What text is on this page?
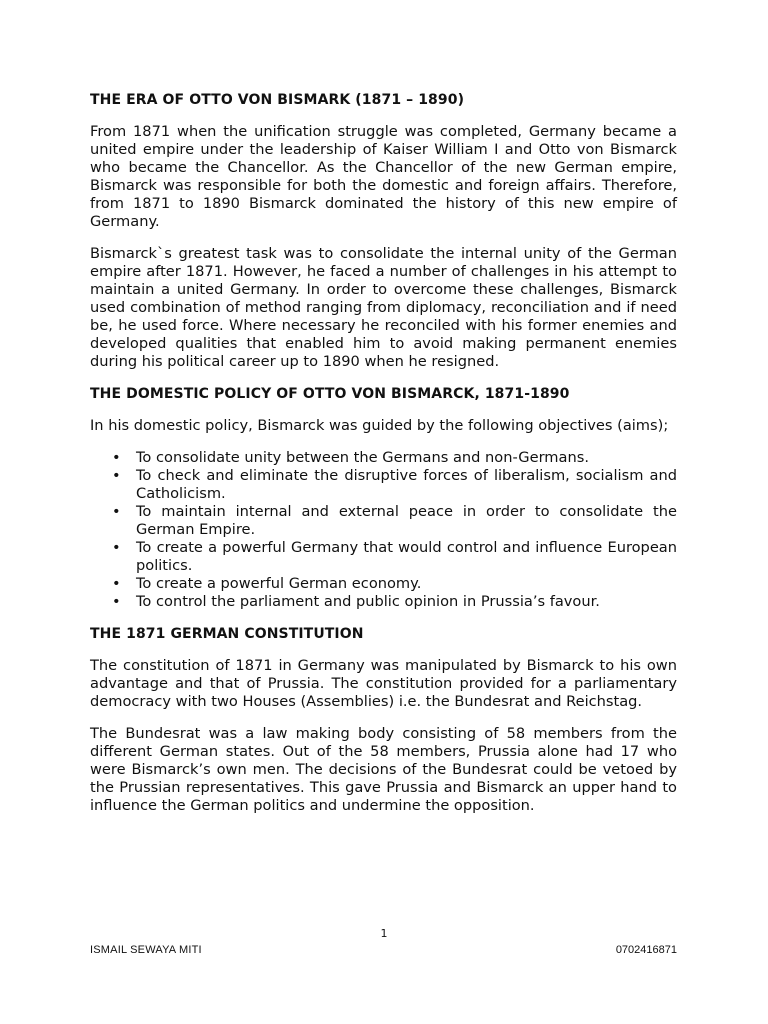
THE ERA OF OTTO VON BISMARK (1871 – 1890)

From 1871 when the unification struggle was completed, Germany became a united empire under the leadership of Kaiser William I and Otto von Bismarck who became the Chancellor. As the Chancellor of the new German empire, Bismarck was responsible for both the domestic and foreign affairs. Therefore, from 1871 to 1890 Bismarck dominated the history of this new empire of Germany.

Bismarck`s greatest task was to consolidate the internal unity of the German empire after 1871. However, he faced a number of challenges in his attempt to maintain a united Germany. In order to overcome these challenges, Bismarck used combination of method ranging from diplomacy, reconciliation and if need be, he used force. Where necessary he reconciled with his former enemies and developed qualities that enabled him to avoid making permanent enemies during his political career up to 1890 when he resigned.

THE DOMESTIC POLICY OF OTTO VON BISMARCK, 1871-1890

In his domestic policy, Bismarck was guided by the following objectives (aims);

•	To consolidate unity between the Germans and non-Germans.
•	To check and eliminate the disruptive forces of liberalism, socialism and Catholicism.
•	To maintain internal and external peace in order to consolidate the German Empire.
•	To create a powerful Germany that would control and influence European politics.
•	To create a powerful German economy.
•	To control the parliament and public opinion in Prussia’s favour.
THE 1871 GERMAN CONSTITUTION

The constitution of 1871 in Germany was manipulated by Bismarck to his own advantage and that of Prussia. The constitution provided for a parliamentary democracy with two Houses (Assemblies) i.e. the Bundesrat and Reichstag.

The Bundesrat was a law making body consisting of 58 members from the different German states. Out of the 58 members, Prussia alone had 17 who were Bismarck’s own men. The decisions of the Bundesrat could be vetoed by the Prussian representatives. This gave Prussia and Bismarck an upper hand to influence the German politics and undermine the opposition.

1
ISMAIL SEWAYA MITI	0702416871
